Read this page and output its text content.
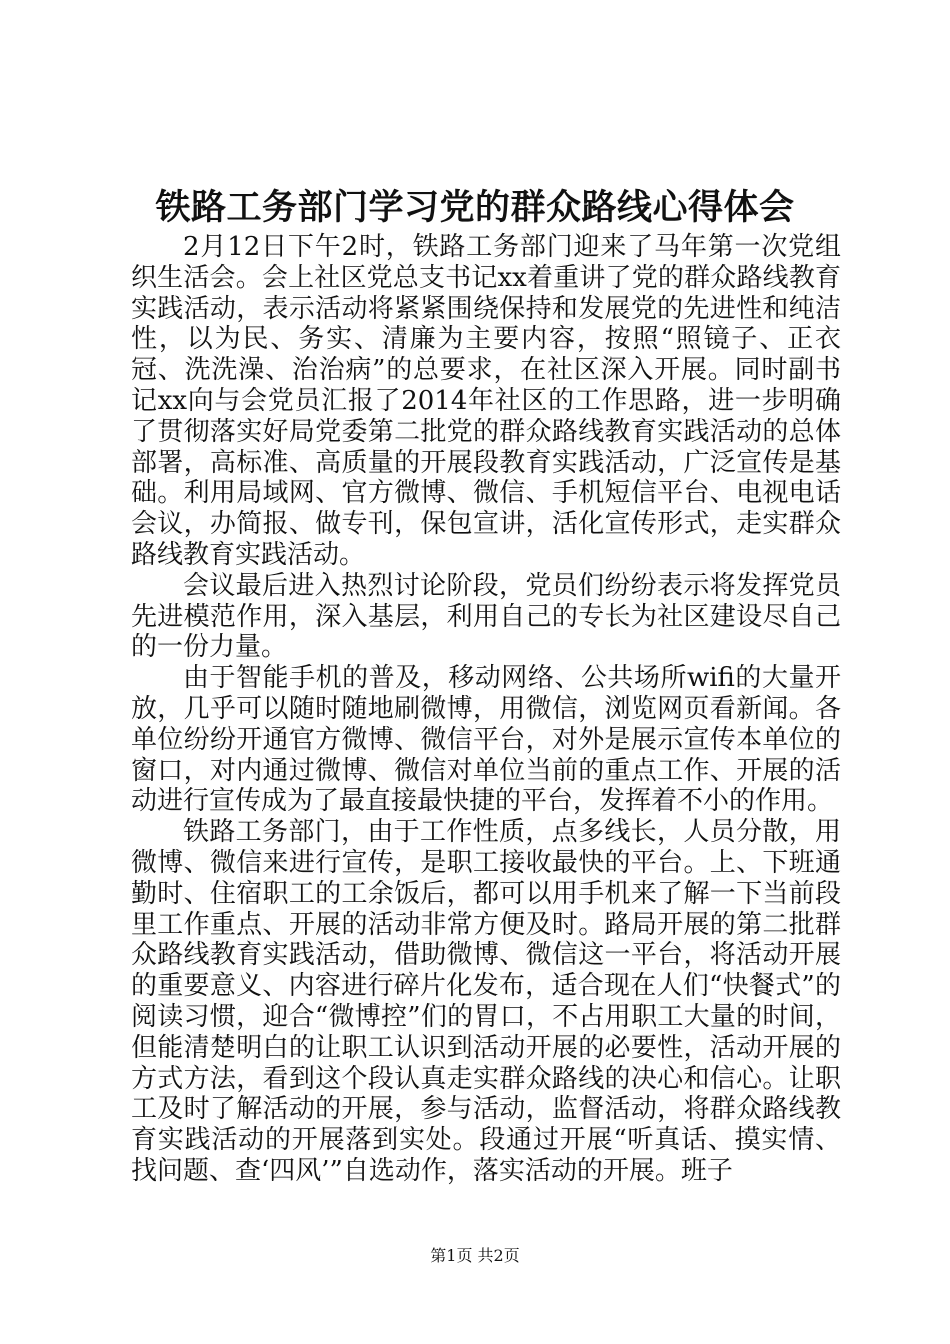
铁路工务部门学习党的群众路线心得体会

2月12日下午2时，铁路工务部门迎来了马年第一次党组织生活会。会上社区党总支书记xx着重讲了党的群众路线教育实践活动，表示活动将紧紧围绕保持和发展党的先进性和纯洁性，以为民、务实、清廉为主要内容，按照“照镜子、正衣冠、洗洗澡、治治病”的总要求，在社区深入开展。同时副书记xx向与会党员汇报了2014年社区的工作思路，进一步明确了贯彻落实好局党委第二批党的群众路线教育实践活动的总体部署，高标准、高质量的开展段教育实践活动，广泛宣传是基础。利用局域网、官方微博、微信、手机短信平台、电视电话会议，办简报、做专刊，保包宣讲，活化宣传形式，走实群众路线教育实践活动。

会议最后进入热烈讨论阶段，党员们纷纷表示将发挥党员先进模范作用，深入基层，利用自己的专长为社区建设尽自己的一份力量。

由于智能手机的普及，移动网络、公共场所wifi的大量开放，几乎可以随时随地刷微博，用微信，浏览网页看新闻。各单位纷纷开通官方微博、微信平台，对外是展示宣传本单位的窗口，对内通过微博、微信对单位当前的重点工作、开展的活动进行宣传成为了最直接最快捷的平台，发挥着不小的作用。

铁路工务部门，由于工作性质，点多线长，人员分散，用微博、微信来进行宣传，是职工接收最快的平台。上、下班通勤时、住宿职工的工余饭后，都可以用手机来了解一下当前段里工作重点、开展的活动非常方便及时。路局开展的第二批群众路线教育实践活动，借助微博、微信这一平台，将活动开展的重要意义、内容进行碎片化发布，适合现在人们“快餐式”的阅读习惯，迎合“微博控”们的胃口，不占用职工大量的时间，但能清楚明白的让职工认识到活动开展的必要性，活动开展的方式方法，看到这个段认真走实群众路线的决心和信心。让职工及时了解活动的开展，参与活动，监督活动，将群众路线教育实践活动的开展落到实处。段通过开展“听真话、摸实情、找问题、查‘四风’”自选动作，落实活动的开展。班子

第1页 共2页
